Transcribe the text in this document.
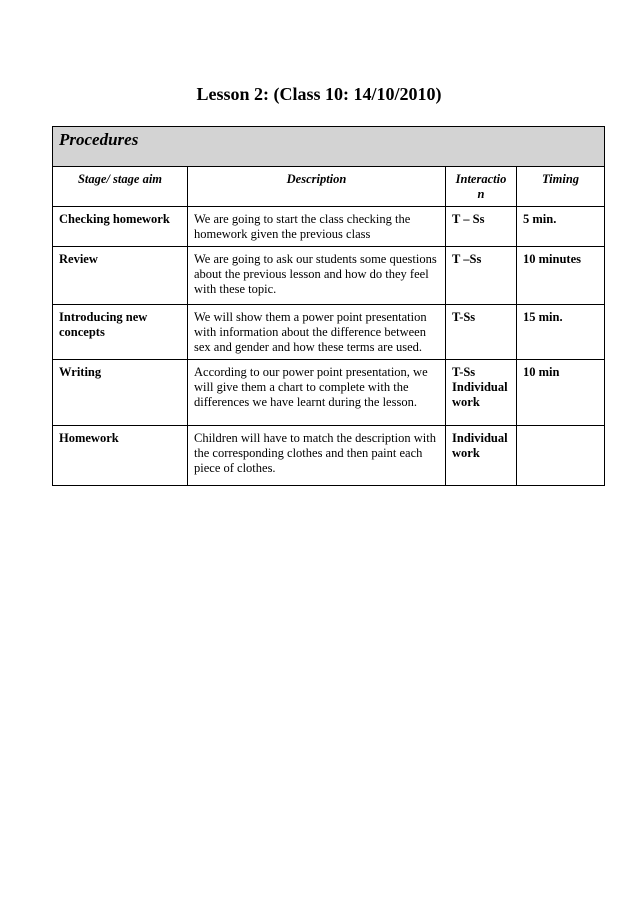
Lesson 2: (Class 10: 14/10/2010)
Procedures			
Stage/ stage aim	Description	Interactio n	Timing
Checking homework	We are going to start the class checking the homework given the previous class	T – Ss	5 min.
Review	We are going to ask our students some questions about the previous lesson and how do they feel with these topic.	T –Ss	10 minutes
Introducing new concepts	We will show them a power point presentation with information about the difference between sex and gender and how these terms are used.	T-Ss	15 min.
Writing	According to our power point presentation, we will give them a chart to complete with the differences we have learnt during the lesson.	T-Ss Individual work	10 min
Homework	Children will have to match the description with the corresponding clothes and then paint each piece of clothes.	Individual work	
